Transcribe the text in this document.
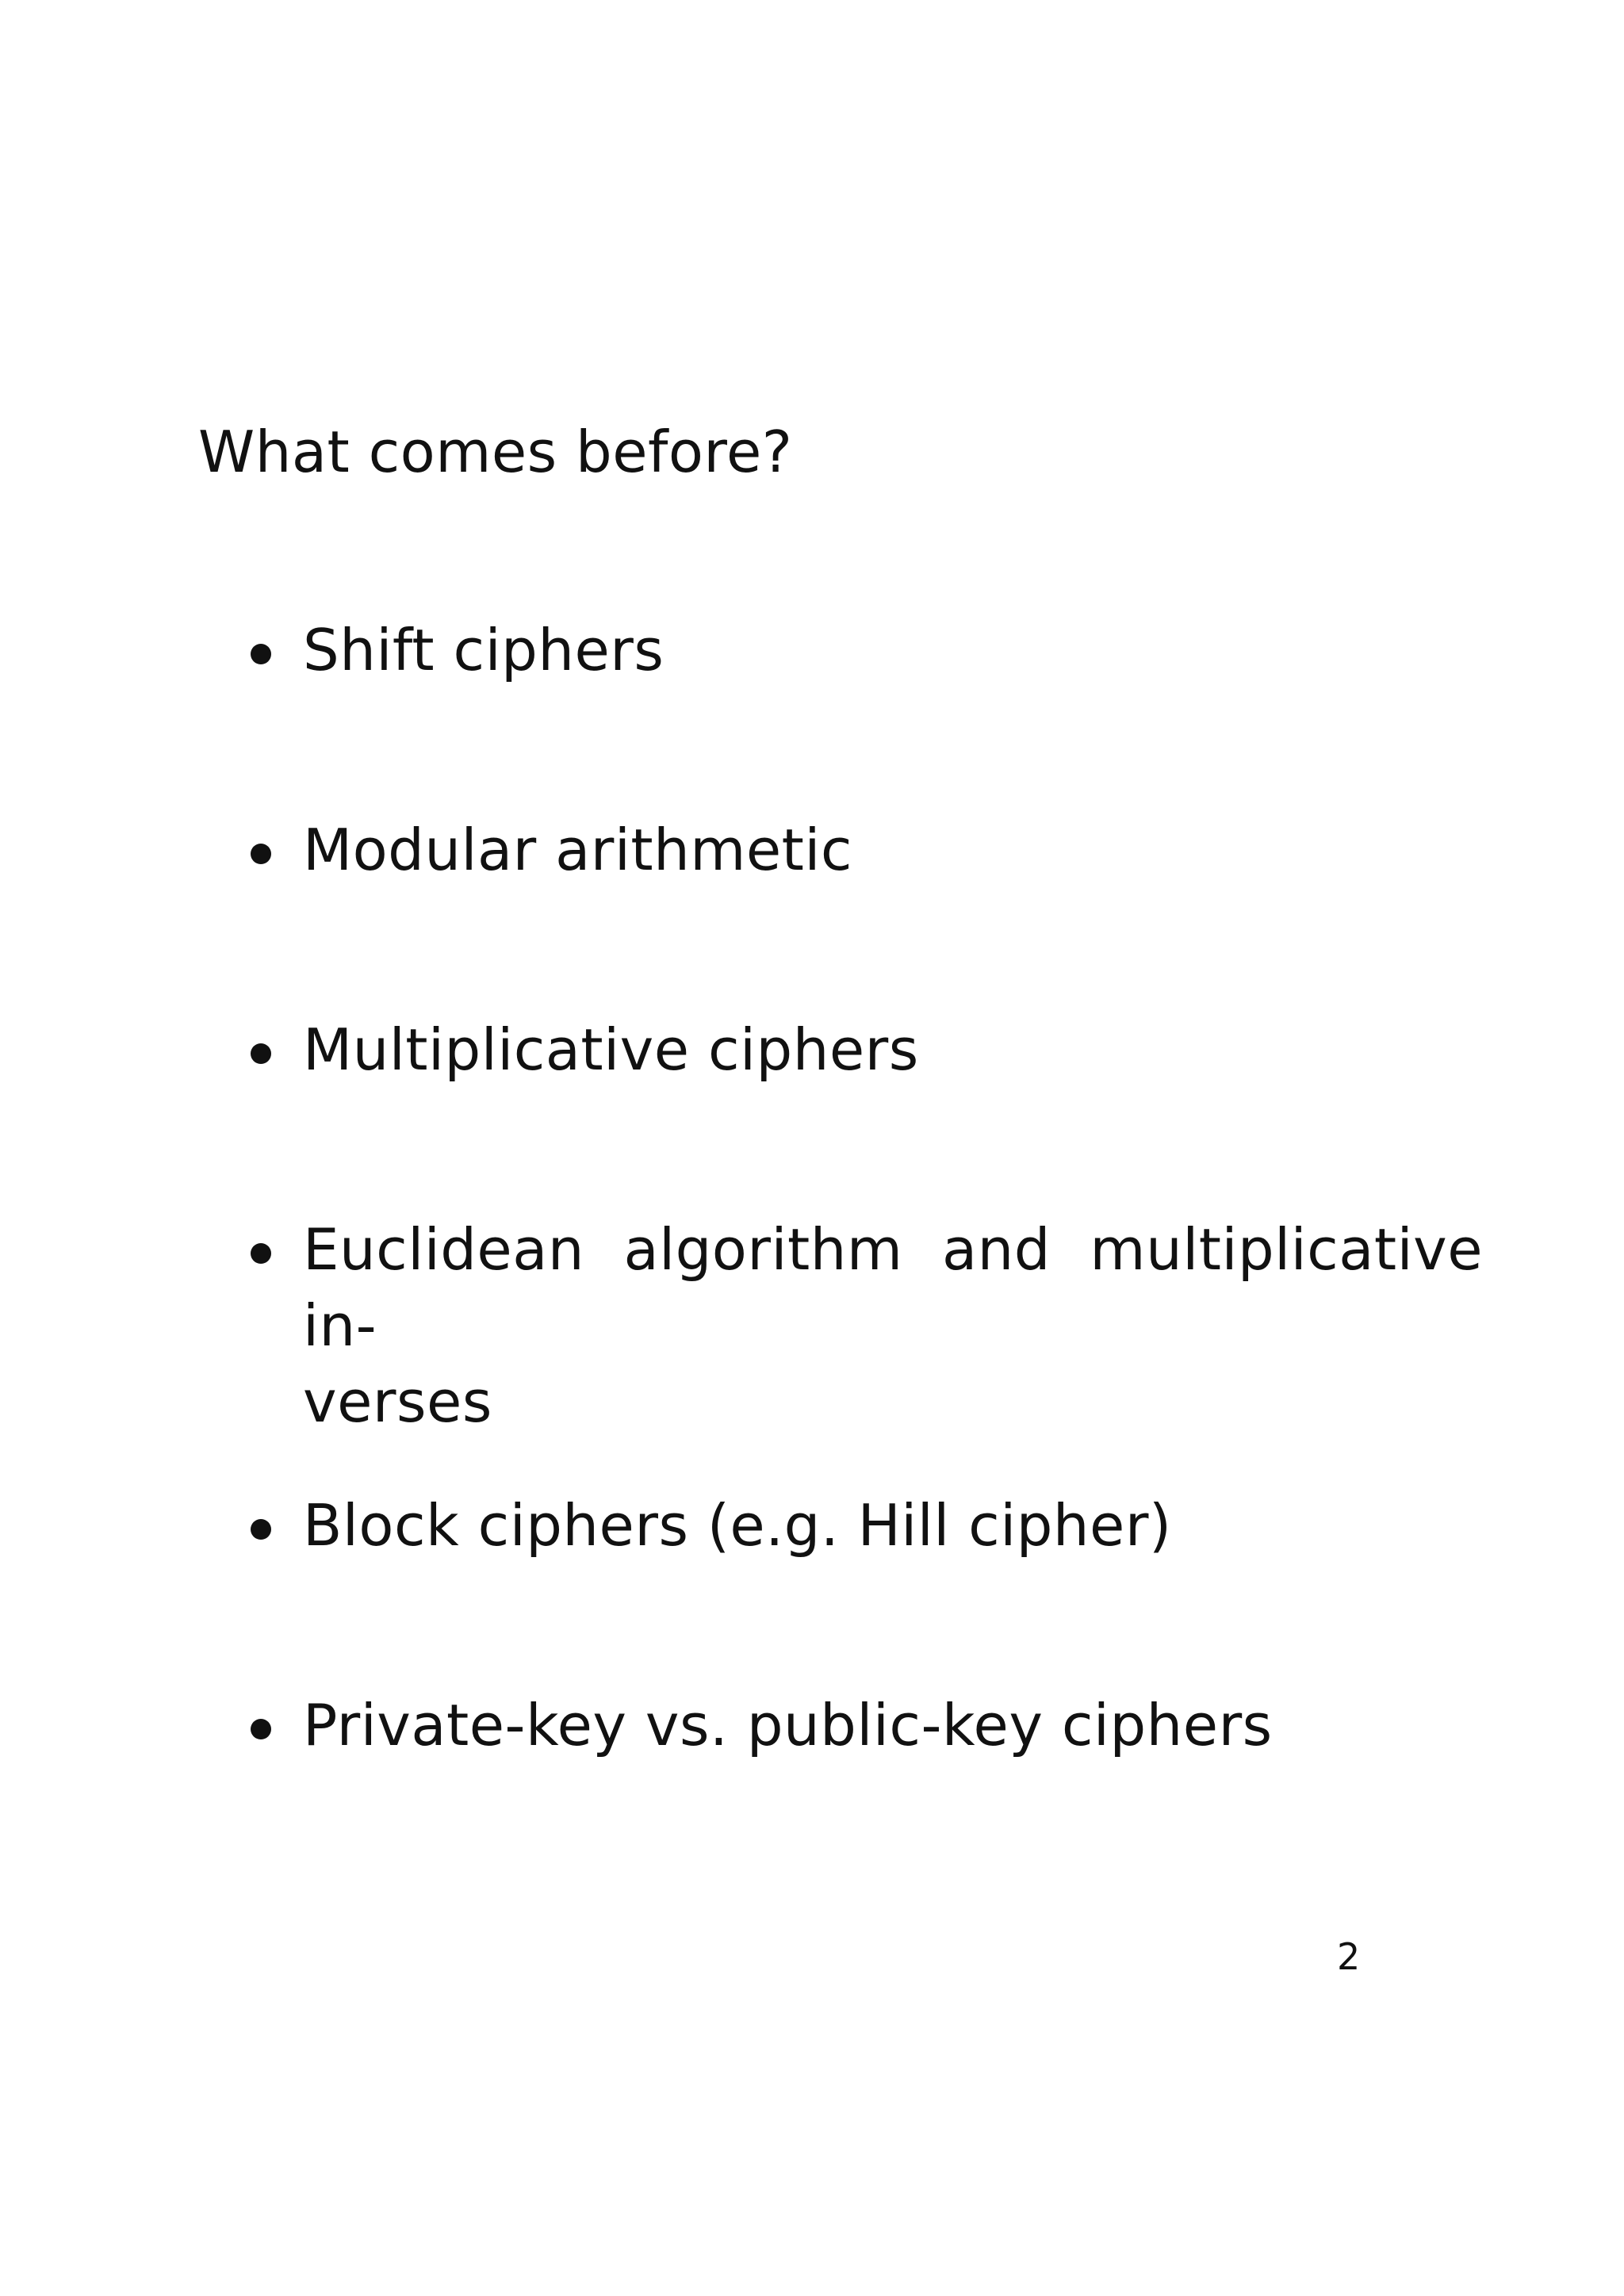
What comes before?
Shift ciphers
Modular arithmetic
Multiplicative ciphers
Euclidean algorithm and multiplicative in-
verses
Block ciphers (e.g. Hill cipher)
Private-key vs. public-key ciphers
2
